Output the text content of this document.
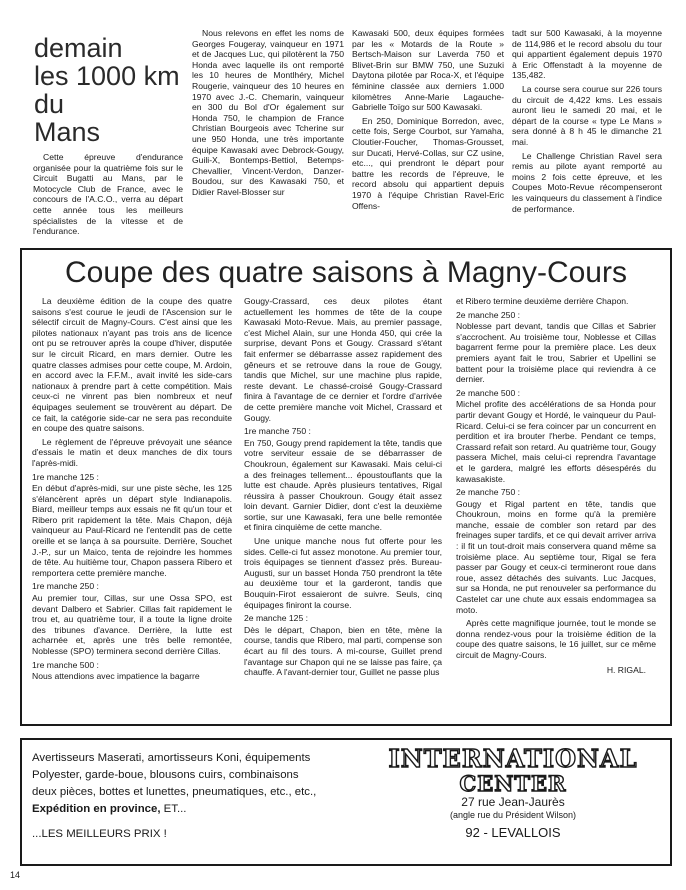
demain
les 1000 km
du
Mans

Cette épreuve d'endurance organisée pour la quatrième fois sur le Circuit Bugatti au Mans, par le Motocycle Club de France, avec le concours de l'A.C.O., verra au départ cette année tous les meilleurs spécialistes de la vitesse et de l'endurance.

Nous relevons en effet les noms de Georges Fougeray, vainqueur en 1971 et de Jacques Luc, qui pilotèrent la 750 Honda avec laquelle ils ont remporté les 10 heures de Montlhéry, Michel Rougerie, vainqueur des 10 heures en 1970 avec J.-C. Chemarin, vainqueur en 300 du Bol d'Or également sur Honda 750, le champion de France Christian Bourgeois avec Tcherine sur une 950 Honda, une très importante équipe Kawasaki avec Debrock-Gougy, Guili-X, Bontemps-Bettiol, Betemps-Chevallier, Vincent-Verdon, Danzer-Boudou, sur des Kawasaki 750, et Didier Ravel-Blosser sur

Kawasaki 500, deux équipes formées par les « Motards de la Route » Bertsch-Maison sur Laverda 750 et Blivet-Brin sur BMW 750, une Suzuki Daytona pilotée par Roca-X, et l'équipe féminine classée aux derniers 1.000 kilomètres Anne-Marie Lagauche-Gabrielle Toïgo sur 500 Kawasaki.

En 250, Dominique Borredon, avec, cette fois, Serge Courbot, sur Yamaha, Cloutier-Foucher, Thomas-Grousset, sur Ducati, Hervé-Collas, sur CZ usine, etc..., qui prendront le départ pour battre les records de l'épreuve, le record absolu qui appartient depuis 1970 à l'équipe Christian Ravel-Eric Offens-

tadt sur 500 Kawasaki, à la moyenne de 114,986 et le record absolu du tour qui appartient également depuis 1970 à Eric Offenstadt à la moyenne de 135,482.

La course sera courue sur 226 tours du circuit de 4,422 kms. Les essais auront lieu le samedi 20 mai, et le départ de la course « type Le Mans » sera donné à 8 h 45 le dimanche 21 mai.

Le Challenge Christian Ravel sera remis au pilote ayant remporté au moins 2 fois cette épreuve, et les Coupes Moto-Revue récompenseront les vainqueurs du classement à l'indice de performance.

Coupe des quatre saisons à Magny-Cours

La deuxième édition de la coupe des quatre saisons s'est courue le jeudi de l'Ascension sur le sélectif circuit de Magny-Cours. C'est ainsi que les pilotes nationaux n'ayant pas trois ans de licence ont pu se retrouver après la coupe d'hiver, disputée sur le circuit Ricard, en mars dernier. Outre les quatre classes admises pour cette coupe, M. Ardoin, en accord avec la F.F.M., avait invité les side-cars nationaux à prendre part à cette compétition. Mais ceux-ci ne vinrent pas bien nombreux et neuf équipages seulement se trouvèrent au départ. De ce fait, la catégorie side-car ne sera pas reconduite en coupe des quatre saisons.

Le règlement de l'épreuve prévoyait une séance d'essais le matin et deux manches de dix tours l'après-midi.

1re manche 125 :

En début d'après-midi, sur une piste sèche, les 125 s'élancèrent après un départ style Indianapolis. Biard, meilleur temps aux essais ne fit qu'un tour et Ribero prit rapidement la tête. Mais Chapon, déjà vainqueur au Paul-Ricard ne l'entendit pas de cette oreille et se lança à sa poursuite. Derrière, Souchet J.-P., sur un Maico, tenta de rejoindre les hommes de tête. Au huitième tour, Chapon passera Ribero et remportera cette première manche.

1re manche 250 :

Au premier tour, Cillas, sur une Ossa SPO, est devant Dalbero et Sabrier. Cillas fait rapidement le trou et, au quatrième tour, il a toute la ligne droite des tribunes d'avance. Derrière, la lutte est acharnée et, après une très belle remontée, Noblesse (SPO) terminera second derrière Cillas.

1re manche 500 :

Nous attendions avec impatience la bagarre

Gougy-Crassard, ces deux pilotes étant actuellement les hommes de tête de la coupe Kawasaki Moto-Revue. Mais, au premier passage, c'est Michel Alain, sur une Honda 450, qui crée la surprise, devant Pons et Gougy. Crassard s'étant fait enfermer se débarrasse assez rapidement des gêneurs et se retrouve dans la roue de Gougy, tandis que Michel, sur une machine plus rapide, reste devant. Le chassé-croisé Gougy-Crassard finira à l'avantage de ce dernier et l'ordre d'arrivée de cette première manche voit Michel, Crassard et Gougy.

1re manche 750 :

En 750, Gougy prend rapidement la tête, tandis que votre serviteur essaie de se débarrasser de Choukroun, également sur Kawasaki. Mais celui-ci a des freinages tellement... époustouflants que la lutte est chaude. Après plusieurs tentatives, Rigal réussira à passer Choukroun. Gougy était assez loin devant. Garnier Didier, dont c'est la deuxième sortie, sur une Kawasaki, fera une belle remontée et finira cinquième de cette manche.

Une unique manche nous fut offerte pour les sides. Celle-ci fut assez monotone. Au premier tour, trois équipages se tiennent d'assez près. Bureau-Augusti, sur un basset Honda 750 prendront la tête au deuxième tour et la garderont, tandis que Bouquin-Firot essaieront de suivre. Seuls, cinq équipages finiront la course.

2e manche 125 :

Dès le départ, Chapon, bien en tête, mène la course, tandis que Ribero, mal parti, compense son écart au fil des tours. A mi-course, Guillet prend l'avantage sur Chapon qui ne se laisse pas faire, ça chauffe. A l'avant-dernier tour, Guillet ne passe plus

et Ribero termine deuxième derrière Chapon.

2e manche 250 :

Noblesse part devant, tandis que Cillas et Sabrier s'accrochent. Au troisième tour, Noblesse et Cillas bagarrent ferme pour la première place. Les deux premiers ayant fait le trou, Sabrier et Upellini se battent pour la troisième place qui reviendra à ce dernier.

2e manche 500 :

Michel profite des accélérations de sa Honda pour partir devant Gougy et Hordé, le vainqueur du Paul-Ricard. Celui-ci se fera coincer par un concurrent en perdition et ira brouter l'herbe. Pendant ce temps, Crassard refait son retard. Au quatrième tour, Gougy passera Michel, mais celui-ci reprendra l'avantage et le gardera, malgré les efforts désespérés du kawasakiste.

2e manche 750 :

Gougy et Rigal partent en tête, tandis que Choukroun, moins en forme qu'à la première manche, essaie de combler son retard par des freinages super tardifs, et ce qui devait arriver arriva : il fit un tout-droit mais conservera quand même sa troisième place. Au septième tour, Rigal se fera passer par Gougy et ceux-ci termineront roue dans roue, assez détachés des suivants. Luc Jacques, sur sa Honda, ne put renouveler sa performance du Castelet car une chute aux essais endommagea sa moto.

Après cette magnifique journée, tout le monde se donna rendez-vous pour la troisième édition de la coupe des quatre saisons, le 16 juillet, sur ce même circuit de Magny-Cours.

H. RIGAL.
Avertisseurs Maserati, amortisseurs Koni, équipements
Polyester, garde-boue, blousons cuirs, combinaisons
deux pièces, bottes et lunettes, pneumatiques, etc., etc.,
Expédition en province, ET...
...LES MEILLEURS PRIX !
INTERNATIONAL
CENTER
27 rue Jean-Jaurès
(angle rue du Président Wilson)
92 - LEVALLOIS
14
